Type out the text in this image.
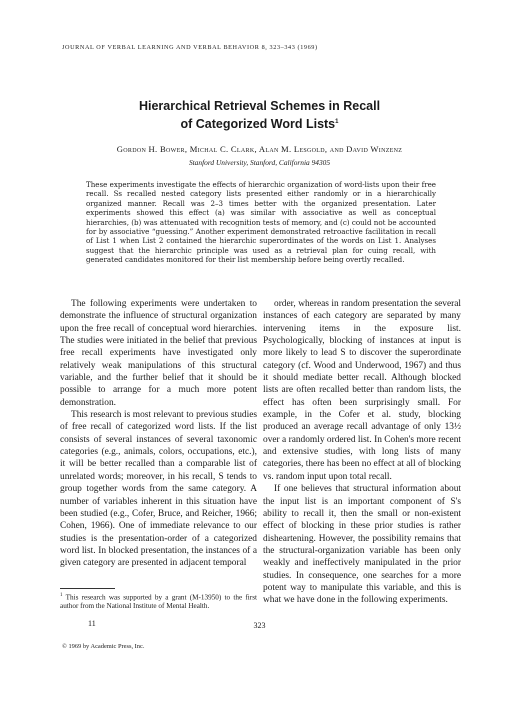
JOURNAL OF VERBAL LEARNING AND VERBAL BEHAVIOR 8, 323–343 (1969)
Hierarchical Retrieval Schemes in Recall
of Categorized Word Lists$^1$
Gordon H. Bower, Michal C. Clark, Alan M. Lesgold, and David Winzenz
Stanford University, Stanford, California 94305
These experiments investigate the effects of hierarchic organization of word-lists upon their free recall. Ss recalled nested category lists presented either randomly or in a hierarchically organized manner. Recall was 2–3 times better with the organized presentation. Later experiments showed this effect (a) was similar with associative as well as conceptual hierarchies, (b) was attenuated with recognition tests of memory, and (c) could not be accounted for by associative “guessing.” Another experiment demonstrated retroactive facilitation in recall of List 1 when List 2 contained the hierarchic superordinates of the words on List 1. Analyses suggest that the hierarchic principle was used as a retrieval plan for cuing recall, with generated candidates monitored for their list membership before being overtly recalled.

The following experiments were undertaken to demonstrate the influence of structural organization upon the free recall of conceptual word hierarchies. The studies were initiated in the belief that previous free recall experiments have investigated only relatively weak manipulations of this structural variable, and the further belief that it should be possible to arrange for a much more potent demonstration.

This research is most relevant to previous studies of free recall of categorized word lists. If the list consists of several instances of several taxonomic categories (e.g., animals, colors, occupations, etc.), it will be better recalled than a comparable list of unrelated words; moreover, in his recall, S tends to group together words from the same category. A number of variables inherent in this situation have been studied (e.g., Cofer, Bruce, and Reicher, 1966; Cohen, 1966). One of immediate relevance to our studies is the presentation-order of a categorized word list. In blocked presentation, the instances of a given category are presented in adjacent temporal

order, whereas in random presentation the several instances of each category are separated by many intervening items in the exposure list. Psychologically, blocking of instances at input is more likely to lead S to discover the superordinate category (cf. Wood and Underwood, 1967) and thus it should mediate better recall. Although blocked lists are often recalled better than random lists, the effect has often been surprisingly small. For example, in the Cofer et al. study, blocking produced an average recall advantage of only 13½ over a randomly ordered list. In Cohen's more recent and extensive studies, with long lists of many categories, there has been no effect at all of blocking vs. random input upon total recall.

If one believes that structural information about the input list is an important component of S's ability to recall it, then the small or non-existent effect of blocking in these prior studies is rather disheartening. However, the possibility remains that the structural-organization variable has been only weakly and ineffectively manipulated in the prior studies. In consequence, one searches for a more potent way to manipulate this variable, and this is what we have done in the following experiments.

$^1$ This research was supported by a grant (M-13950) to the first author from the National Institute of Mental Health.
11	323
© 1969 by Academic Press, Inc.
